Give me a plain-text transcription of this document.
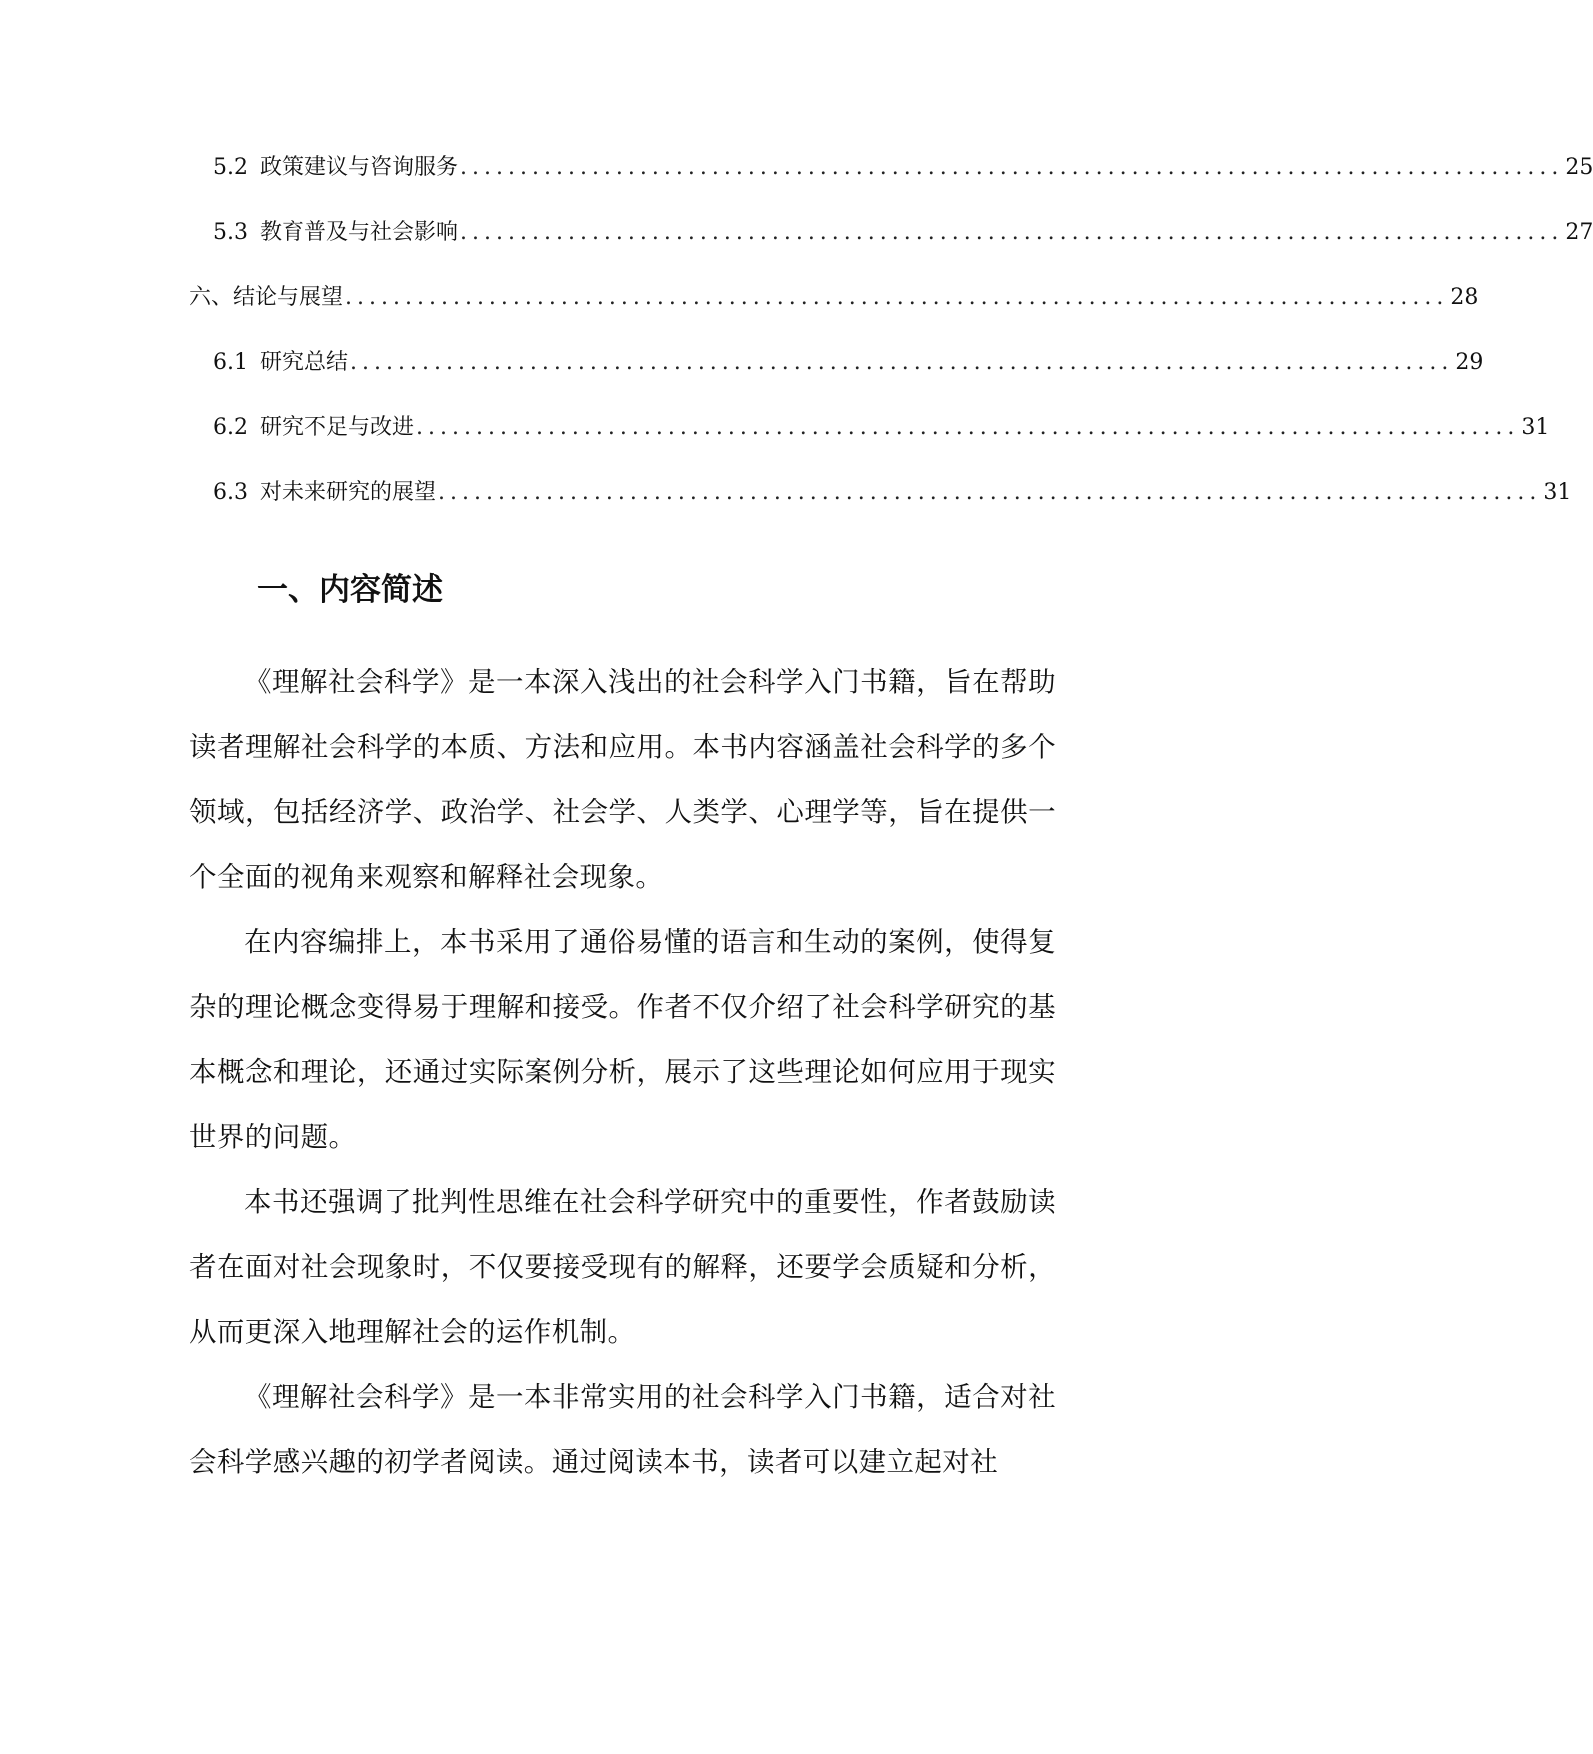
5.2 政策建议与咨询服务 ............................................................................................ 25
5.3 教育普及与社会影响 ............................................................................................ 27
六、结论与展望 ............................................................................................ 28
6.1 研究总结 ............................................................................................ 29
6.2 研究不足与改进 ............................................................................................ 31
6.3 对未来研究的展望 ............................................................................................ 31
一、内容简述

《理解社会科学》是一本深入浅出的社会科学入门书籍，旨在帮助读者理解社会科学的本质、方法和应用。本书内容涵盖社会科学的多个领域，包括经济学、政治学、社会学、人类学、心理学等，旨在提供一个全面的视角来观察和解释社会现象。

在内容编排上，本书采用了通俗易懂的语言和生动的案例，使得复杂的理论概念变得易于理解和接受。作者不仅介绍了社会科学研究的基本概念和理论，还通过实际案例分析，展示了这些理论如何应用于现实世界的问题。

本书还强调了批判性思维在社会科学研究中的重要性，作者鼓励读者在面对社会现象时，不仅要接受现有的解释，还要学会质疑和分析，从而更深入地理解社会的运作机制。

《理解社会科学》是一本非常实用的社会科学入门书籍，适合对社会科学感兴趣的初学者阅读。通过阅读本书，读者可以建立起对社
